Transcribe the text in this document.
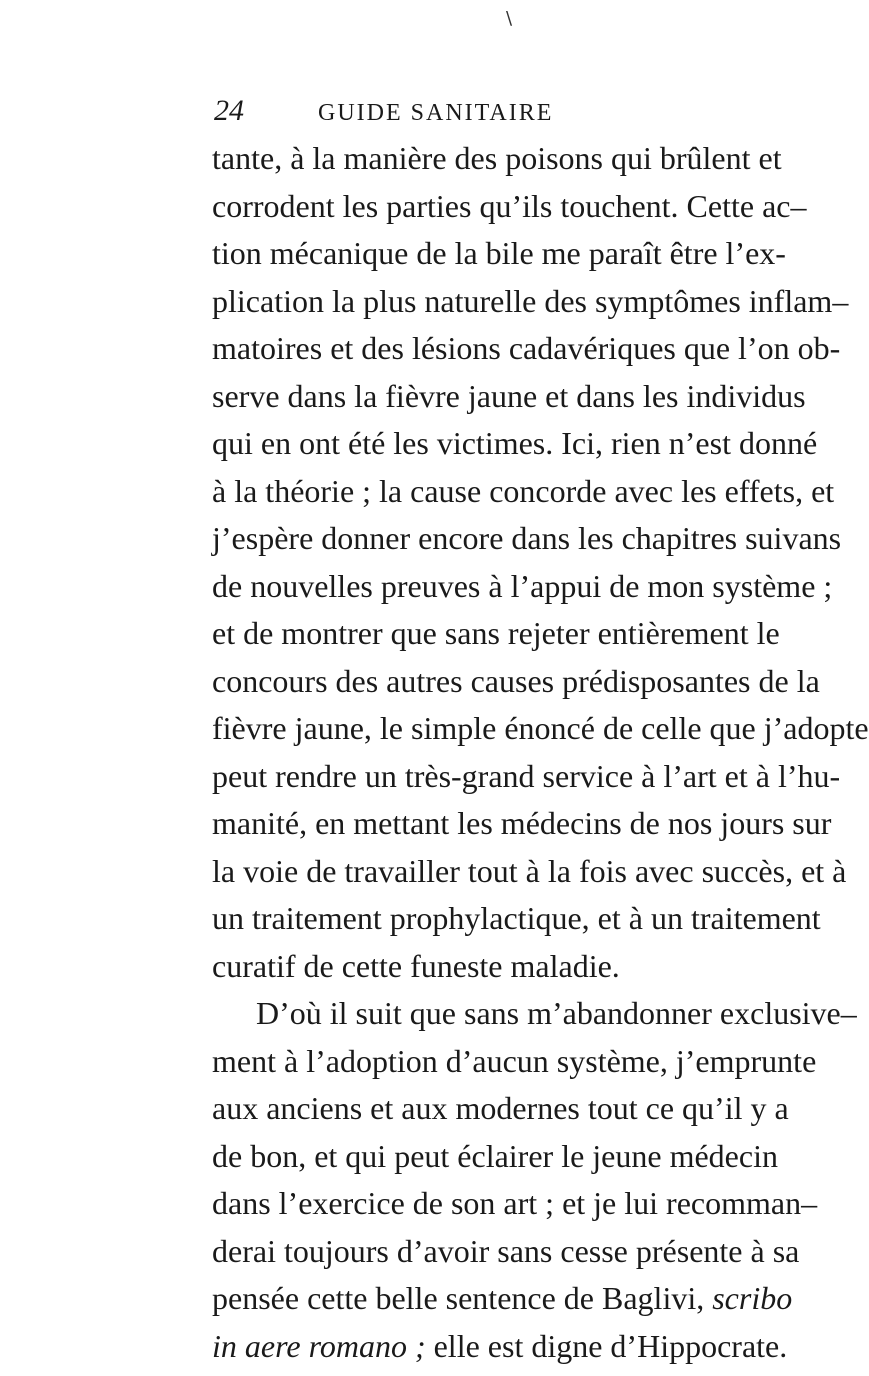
\
24	GUIDE SANITAIRE
tante, à la manière des poisons qui brûlent et
corrodent les parties qu’ils touchent. Cette ac–
tion mécanique de la bile me paraît être l’ex-
plication la plus naturelle des symptômes inflam–
matoires et des lésions cadavériques que l’on ob-
serve dans la fièvre jaune et dans les individus
qui en ont été les victimes. Ici, rien n’est donné
à la théorie ; la cause concorde avec les effets, et
j’espère donner encore dans les chapitres suivans
de nouvelles preuves à l’appui de mon système ;
et de montrer que sans rejeter entièrement le
concours des autres causes prédisposantes de la
fièvre jaune, le simple énoncé de celle que j’adopte
peut rendre un très-grand service à l’art et à l’hu-
manité, en mettant les médecins de nos jours sur
la voie de travailler tout à la fois avec succès, et à
un traitement prophylactique, et à un traitement
curatif de cette funeste maladie.
D’où il suit que sans m’abandonner exclusive–
ment à l’adoption d’aucun système, j’emprunte
aux anciens et aux modernes tout ce qu’il y a
de bon, et qui peut éclairer le jeune médecin
dans l’exercice de son art ; et je lui recomman–
derai toujours d’avoir sans cesse présente à sa
pensée cette belle sentence de Baglivi, scribo
in aere romano ; elle est digne d’Hippocrate.
